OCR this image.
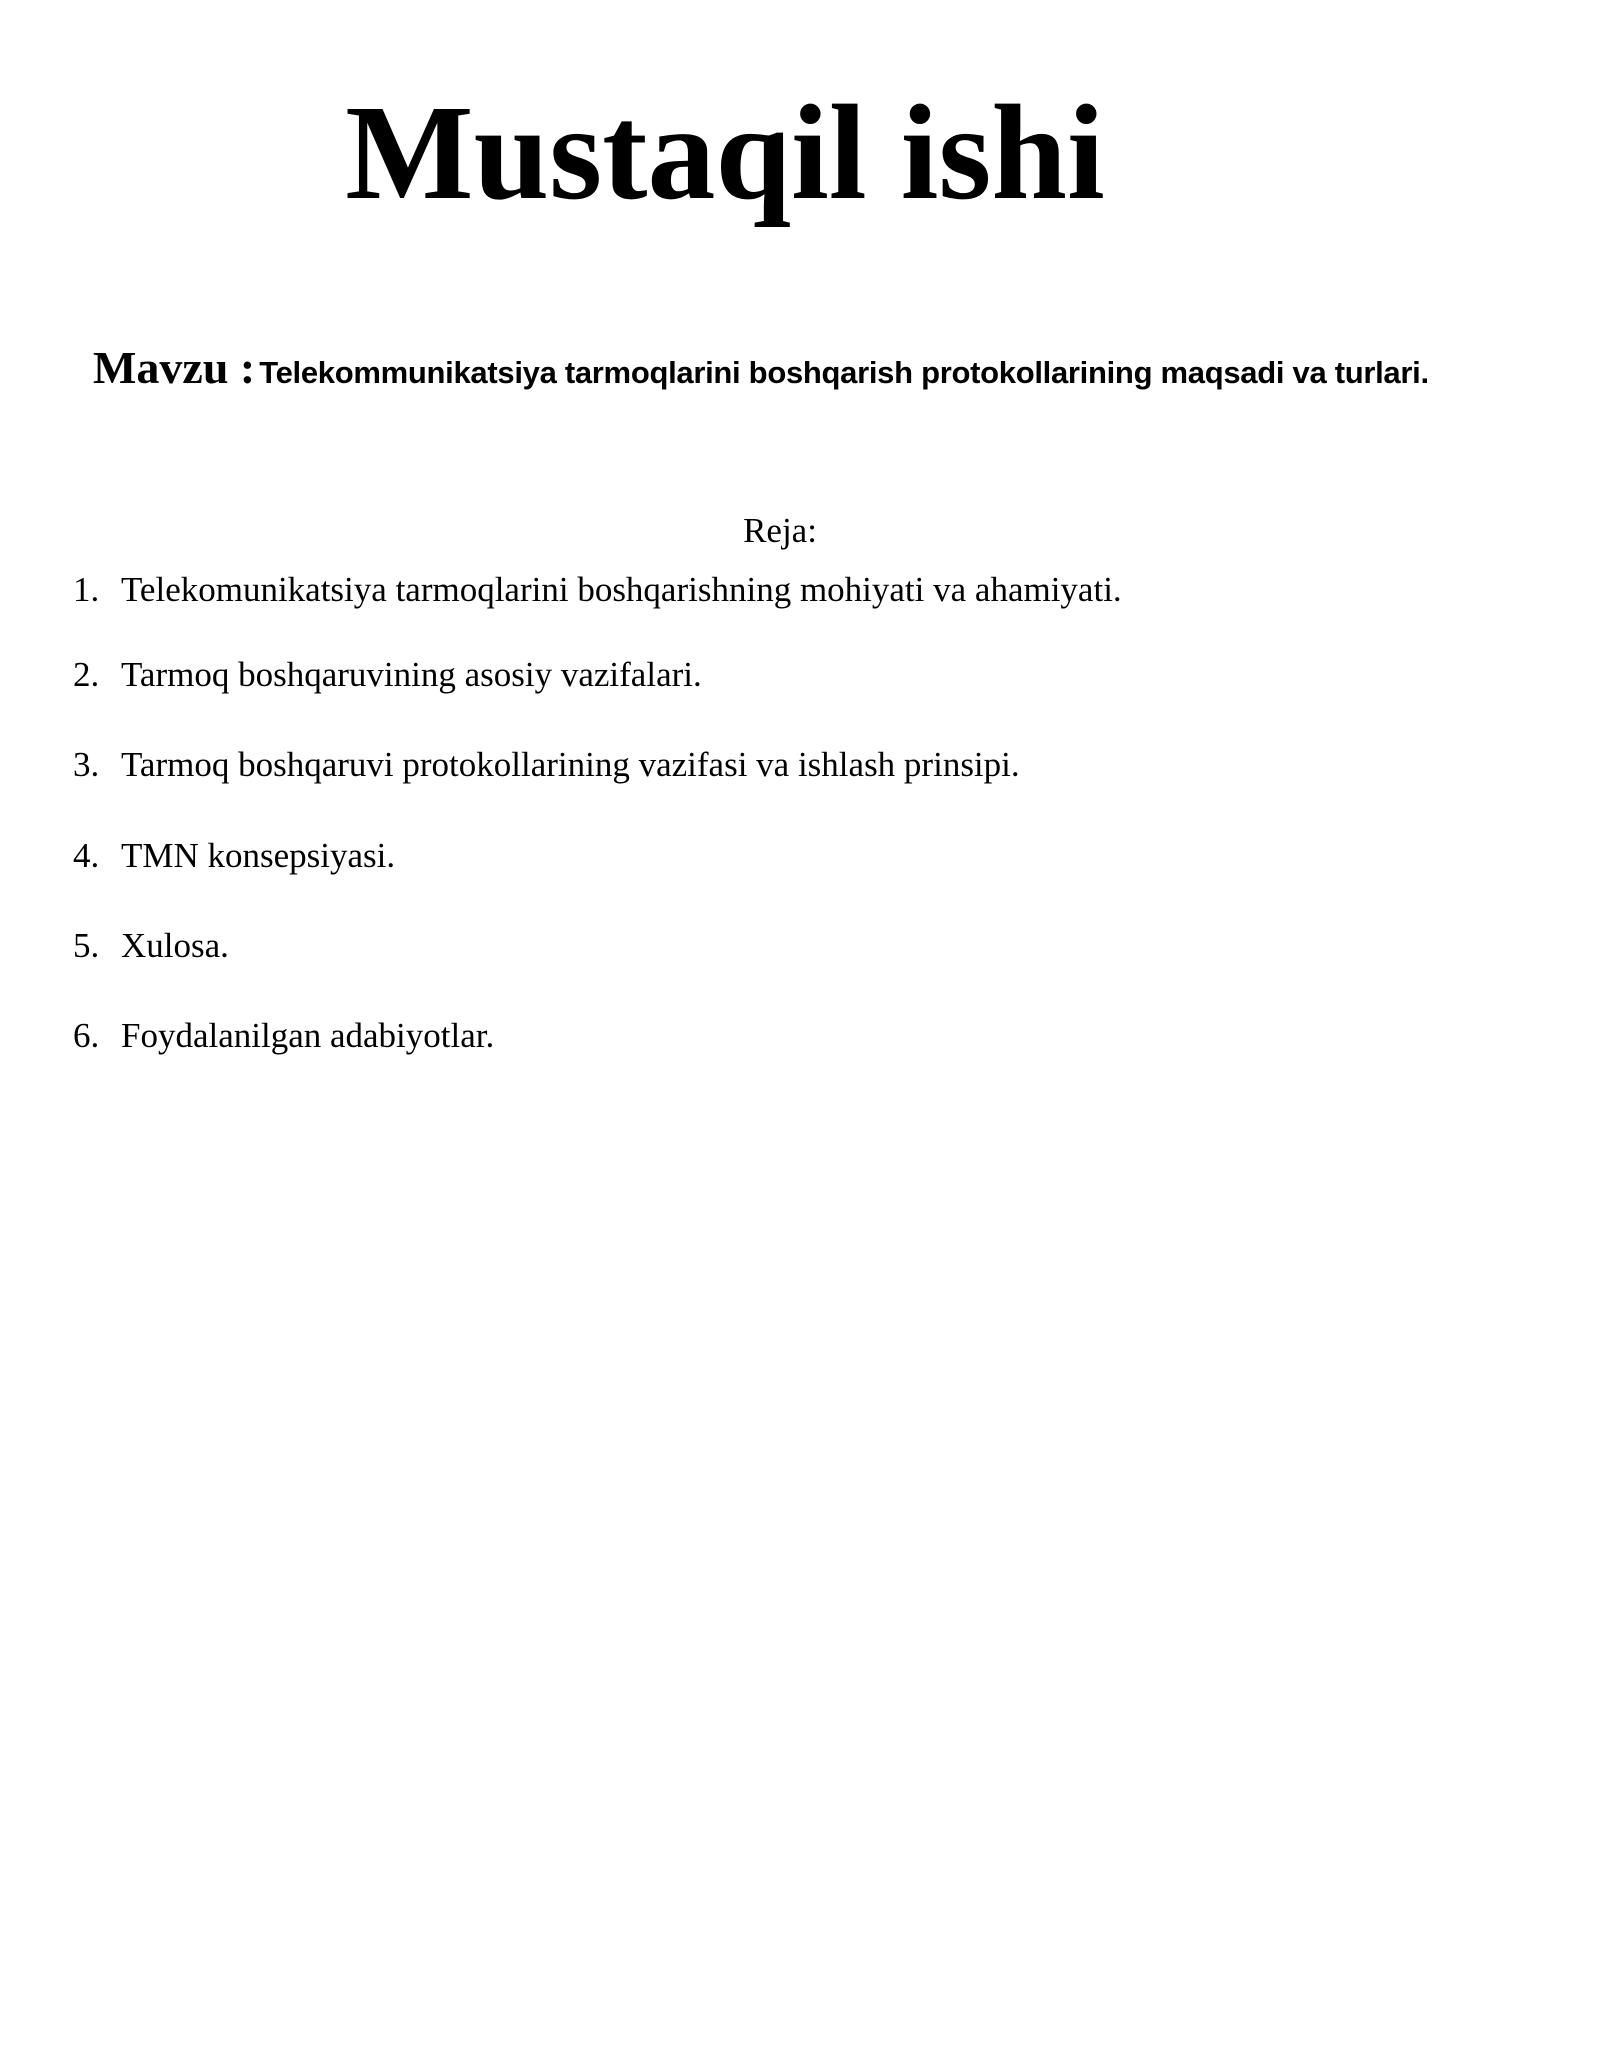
Mustaqil ishi

Mavzu : Telekommunikatsiya tarmoqlarini boshqarish protokollarining maqsadi va turlari.

Reja:

1. Telekomunikatsiya tarmoqlarini boshqarishning mohiyati va ahamiyati.
2. Tarmoq boshqaruvining asosiy vazifalari.
3. Tarmoq boshqaruvi protokollarining vazifasi va ishlash prinsipi.
4. TMN konsepsiyasi.
5. Xulosa.
6. Foydalanilgan adabiyotlar.
